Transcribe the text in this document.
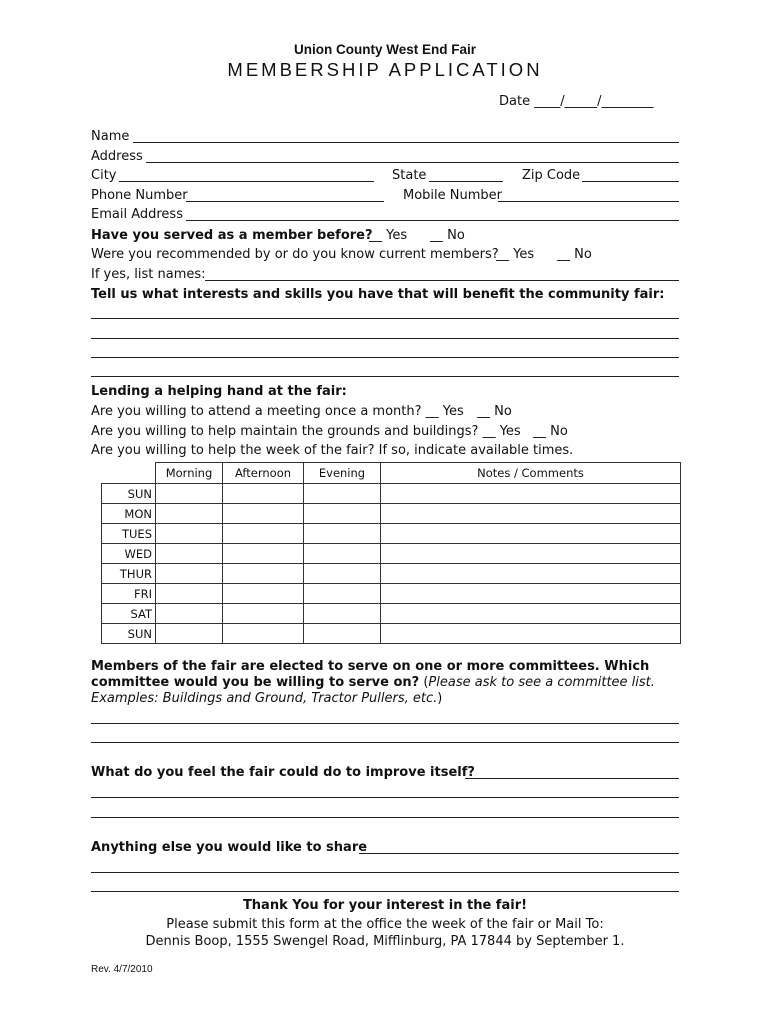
Union County West End Fair
MEMBERSHIP APPLICATION
Date ____/_____/________
Name
Address
City	State	Zip Code
Phone Number	Mobile Number
Email Address
Have you served as a member before?
__ Yes __ No
Were you recommended by or do you know current members?
__ Yes __ No
If yes, list names:
Tell us what interests and skills you have that will benefit the community fair:
Lending a helping hand at the fair:
Are you willing to attend a meeting once a month? __ Yes __ No
Are you willing to help maintain the grounds and buildings? __ Yes __ No
Are you willing to help the week of the fair? If so, indicate available times.
	Morning	Afternoon	Evening	Notes / Comments
SUN				
MON				
TUES				
WED				
THUR				
FRI				
SAT				
SUN				
Members of the fair are elected to serve on one or more committees. Which
committee would you be willing to serve on? (Please ask to see a committee list.
Examples: Buildings and Ground, Tractor Pullers, etc.)
What do you feel the fair could do to improve itself?
Anything else you would like to share
Thank You for your interest in the fair!
Please submit this form at the office the week of the fair or Mail To:
Dennis Boop, 1555 Swengel Road, Mifflinburg, PA 17844 by September 1.
Rev. 4/7/2010
